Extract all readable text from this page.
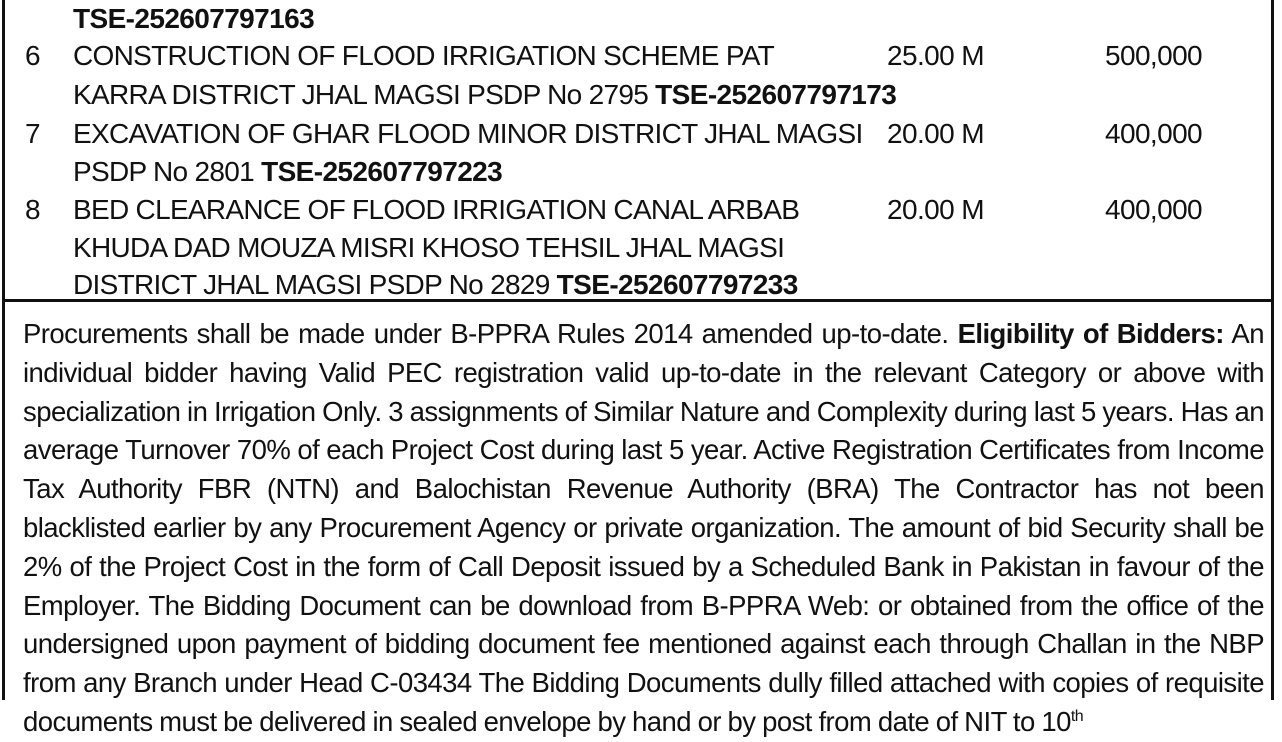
TSE-252607797163
6 CONSTRUCTION OF FLOOD IRRIGATION SCHEME PAT
KARRA DISTRICT JHAL MAGSI PSDP No 2795 TSE-252607797173
25.00 M	500,000
7 EXCAVATION OF GHAR FLOOD MINOR DISTRICT JHAL MAGSI
PSDP No 2801 TSE-252607797223
20.00 M	400,000
8 BED CLEARANCE OF FLOOD IRRIGATION CANAL ARBAB
KHUDA DAD MOUZA MISRI KHOSO TEHSIL JHAL MAGSI
DISTRICT JHAL MAGSI PSDP No 2829 TSE-252607797233
20.00 M	400,000
Procurements shall be made under B-PPRA Rules 2014 amended up-to-date. Eligibility of Bidders: An individual bidder having Valid PEC registration valid up-to-date in the relevant Category or above with specialization in Irrigation Only. 3 assignments of Similar Nature and Complexity during last 5 years. Has an average Turnover 70% of each Project Cost during last 5 year. Active Registration Certificates from Income Tax Authority FBR (NTN) and Balochistan Revenue Authority (BRA) The Contractor has not been blacklisted earlier by any Procurement Agency or private organization. The amount of bid Security shall be 2% of the Project Cost in the form of Call Deposit issued by a Scheduled Bank in Pakistan in favour of the Employer. The Bidding Document can be download from B-PPRA Web: or obtained from the office of the undersigned upon payment of bidding document fee mentioned against each through Challan in the NBP from any Branch under Head C-03434 The Bidding Documents dully filled attached with copies of requisite documents must be delivered in sealed envelope by hand or by post from date of NIT to 10th
